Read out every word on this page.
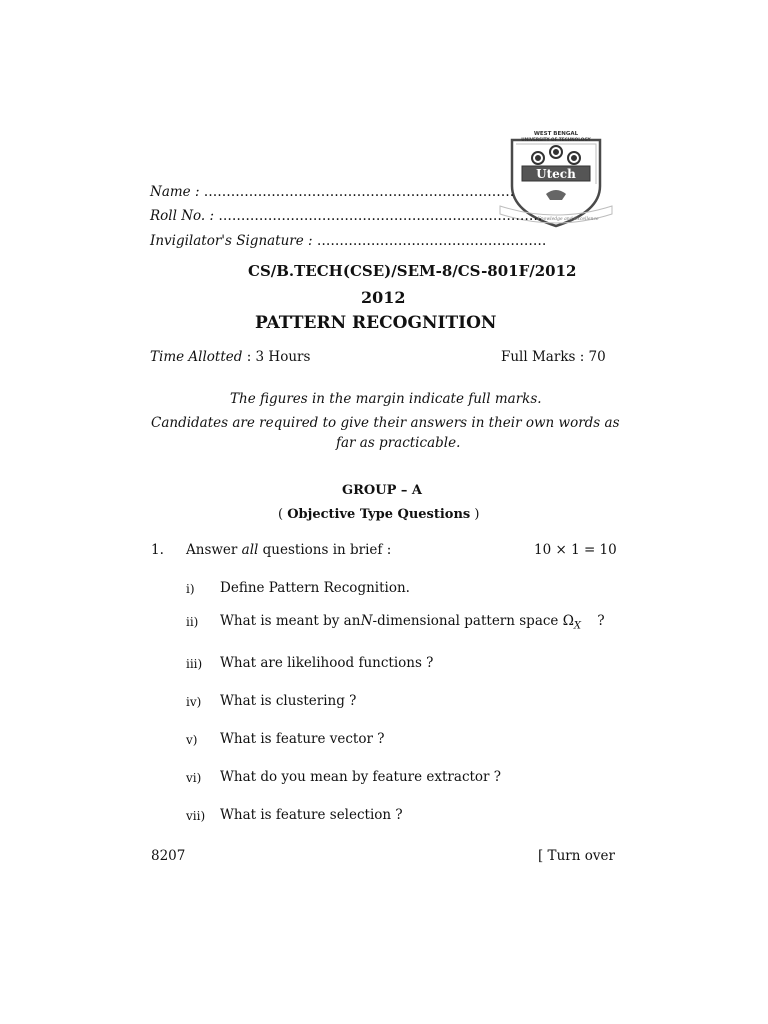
WEST BENGAL
UNIVERSITY OF TECHNOLOGY
Utech
Knowledge and Excellence
Name : ……………………………………………………………
Roll No. : ………………………………………………………………
Invigilator's Signature : ……………………………………………
CS/B.TECH(CSE)/SEM-8/CS-801F/2012
2012
PATTERN RECOGNITION
Time Allotted : 3 Hours	Full Marks : 70
The figures in the margin indicate full marks.
Candidates are required to give their answers in their own words as
far as practicable.
GROUP – A
( Objective Type Questions )
1. Answer all questions in brief :	10 × 1 = 10
i) Define Pattern Recognition.
ii) What is meant by an N-dimensional pattern space $\Omega_X$ ?
iii) What are likelihood functions ?
iv) What is clustering ?
v) What is feature vector ?
vi) What do you mean by feature extractor ?
vii) What is feature selection ?
8207	[ Turn over
